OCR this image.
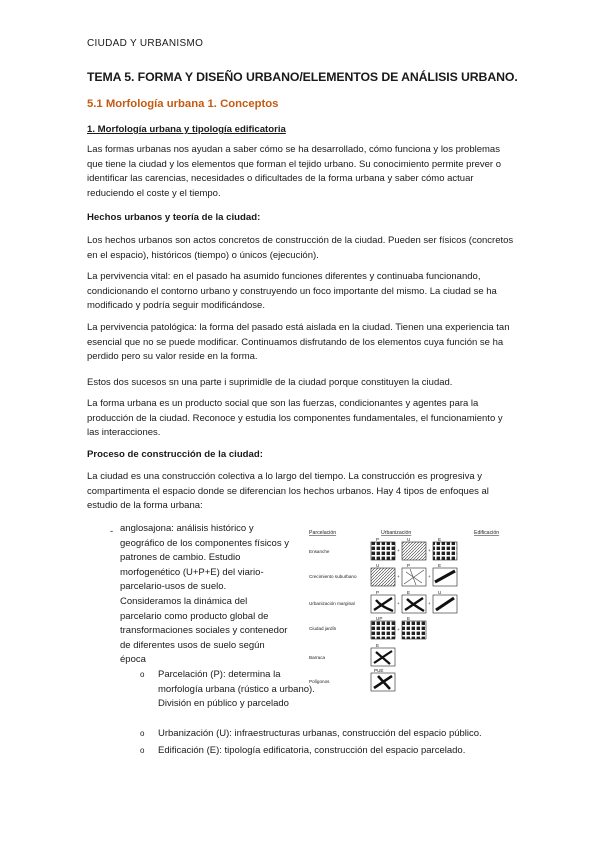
CIUDAD Y URBANISMO
TEMA 5. FORMA Y DISEÑO URBANO/ELEMENTOS DE ANÁLISIS URBANO.
5.1 Morfología urbana 1. Conceptos
1. Morfología urbana y tipología edificatoria
Las formas urbanas nos ayudan a saber cómo se ha desarrollado, cómo funciona y los problemas que tiene la ciudad y los elementos que forman el tejido urbano. Su conocimiento permite prever o identificar las carencias, necesidades o dificultades de la forma urbana y saber cómo actuar reduciendo el coste y el tiempo.
Hechos urbanos y teoría de la ciudad:
Los hechos urbanos son actos concretos de construcción de la ciudad. Pueden ser físicos (concretos en el espacio), históricos (tiempo) o únicos (ejecución).
La pervivencia vital: en el pasado ha asumido funciones diferentes y continuaba funcionando, condicionando el contorno urbano y construyendo un foco importante del mismo. La ciudad se ha modificado y podría seguir modificándose.
La pervivencia patológica: la forma del pasado está aislada en la ciudad. Tienen una experiencia tan esencial que no se puede modificar. Continuamos disfrutando de los elementos cuya función se ha perdido pero su valor reside en la forma.
Estos dos sucesos sn una parte i suprimidle de la ciudad porque constituyen la ciudad.
La forma urbana es un producto social que son las fuerzas, condicionantes y agentes para la producción de la ciudad. Reconoce y estudia los componentes fundamentales, el funcionamiento y las interacciones.
Proceso de construcción de la ciudad:
La ciudad es una construcción colectiva a lo largo del tiempo. La construcción es progresiva y compartimenta el espacio donde se diferencian los hechos urbanos. Hay 4 tipos de enfoques al estudio de la forma urbana:
- anglosajona: análisis histórico y geográfico de los componentes físicos y patrones de cambio. Estudio morfogenético (U+P+E) del viario-parcelario-usos de suelo. Consideramos la dinámica del parcelario como producto global de transformaciones sociales y contenedor de diferentes usos de suelo según época
o Parcelación (P): determina la morfología urbana (rústico a urbano). División en público y parcelado
o Urbanización (U): infraestructuras urbanas, construcción del espacio público.
o Edificación (E): tipología edificatoria, construcción del espacio parcelado.
Parcelación	Urbanización	Edificación
Ensanche
Crecimiento suburbano
Urbanización marginal
Ciudad jardín
Barraca
Polígonos
P
+
U
+
E
U
+
P
+
E
P
+
E
+
U
UP
+
E
E
PUE
